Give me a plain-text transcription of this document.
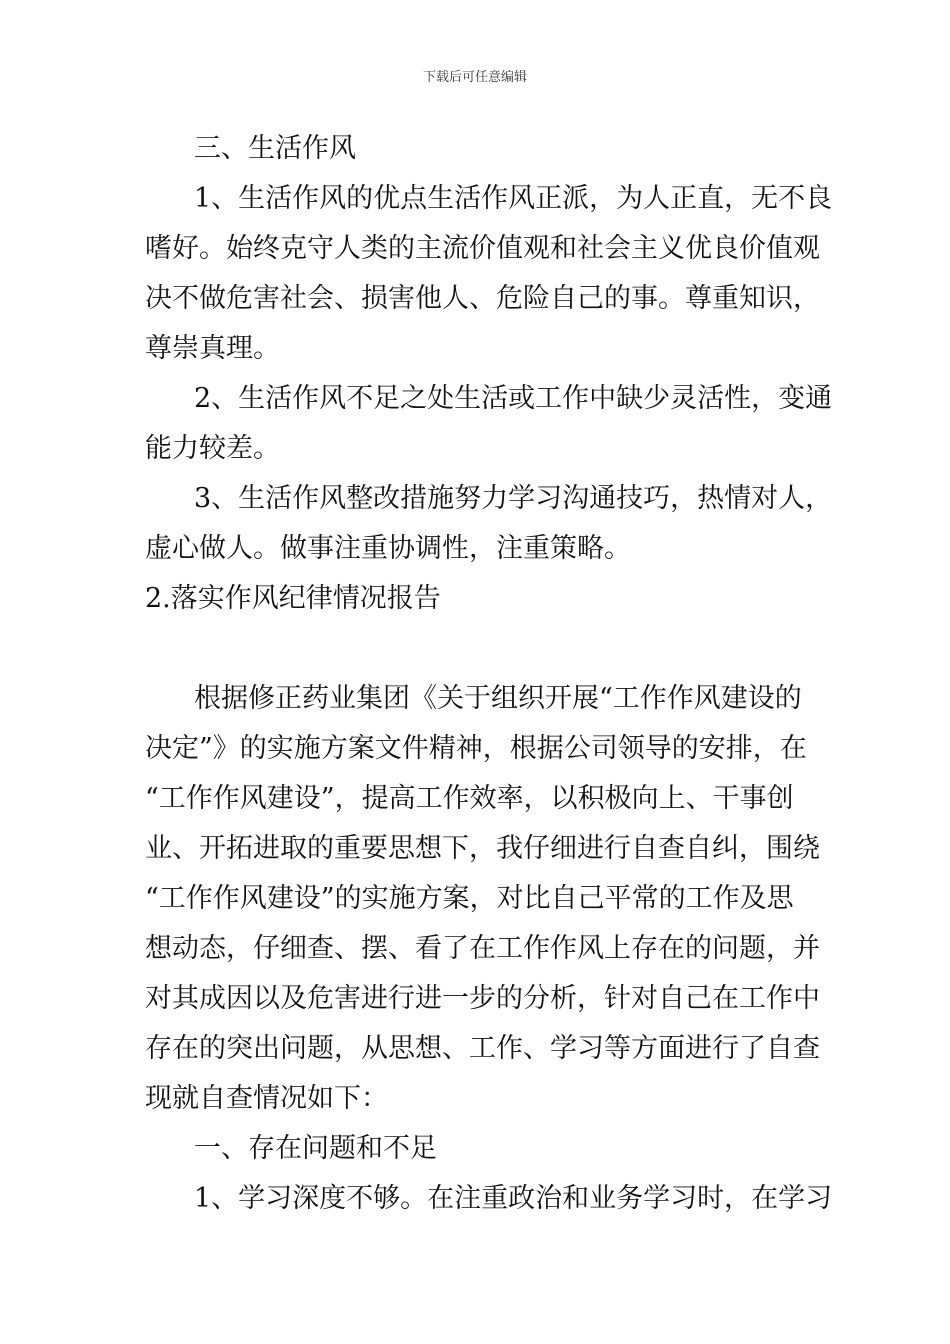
下载后可任意编辑
三、生活作风
1、生活作风的优点生活作风正派，为人正直，无不良
嗜好。始终克守人类的主流价值观和社会主义优良价值观
决不做危害社会、损害他人、危险自己的事。尊重知识，
尊崇真理。
2、生活作风不足之处生活或工作中缺少灵活性，变通
能力较差。
3、生活作风整改措施努力学习沟通技巧，热情对人，
虚心做人。做事注重协调性，注重策略。
2.落实作风纪律情况报告
根据修正药业集团《关于组织开展“工作作风建设的
决定”》的实施方案文件精神，根据公司领导的安排，在
“工作作风建设”，提高工作效率，以积极向上、干事创
业、开拓进取的重要思想下，我仔细进行自查自纠，围绕
“工作作风建设”的实施方案，对比自己平常的工作及思
想动态，仔细查、摆、看了在工作作风上存在的问题，并
对其成因以及危害进行进一步的分析，针对自己在工作中
存在的突出问题，从思想、工作、学习等方面进行了自查
现就自查情况如下：
一、存在问题和不足
1、学习深度不够。在注重政治和业务学习时，在学习
